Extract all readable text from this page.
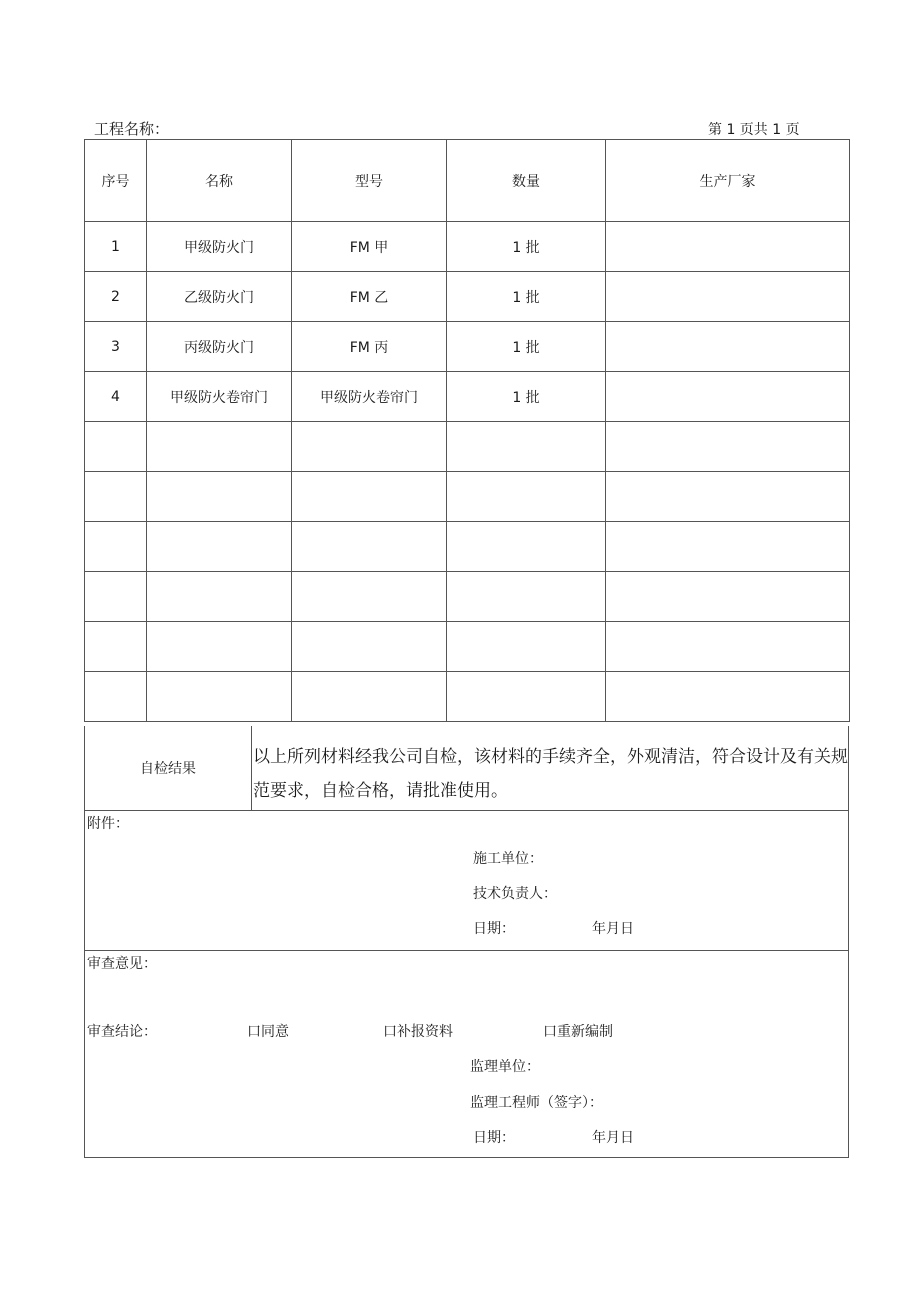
工程名称：	第 1 页共 1 页
序号	名称	型号	数量	生产厂家
1	甲级防火门	FM 甲	1 批	
2	乙级防火门	FM 乙	1 批	
3	丙级防火门	FM 丙	1 批	
4	甲级防火卷帘门	甲级防火卷帘门	1 批	

自检结果
以上所列材料经我公司自检，该材料的手续齐全，外观清洁，符合设计及有关规范要求，自检合格，请批准使用。
附件：
施工单位：
技术负责人：
日期：	年月日
审查意见：
审查结论：	口同意	口补报资料	口重新编制
监理单位：
监理工程师（签字）：
日期：	年月日
